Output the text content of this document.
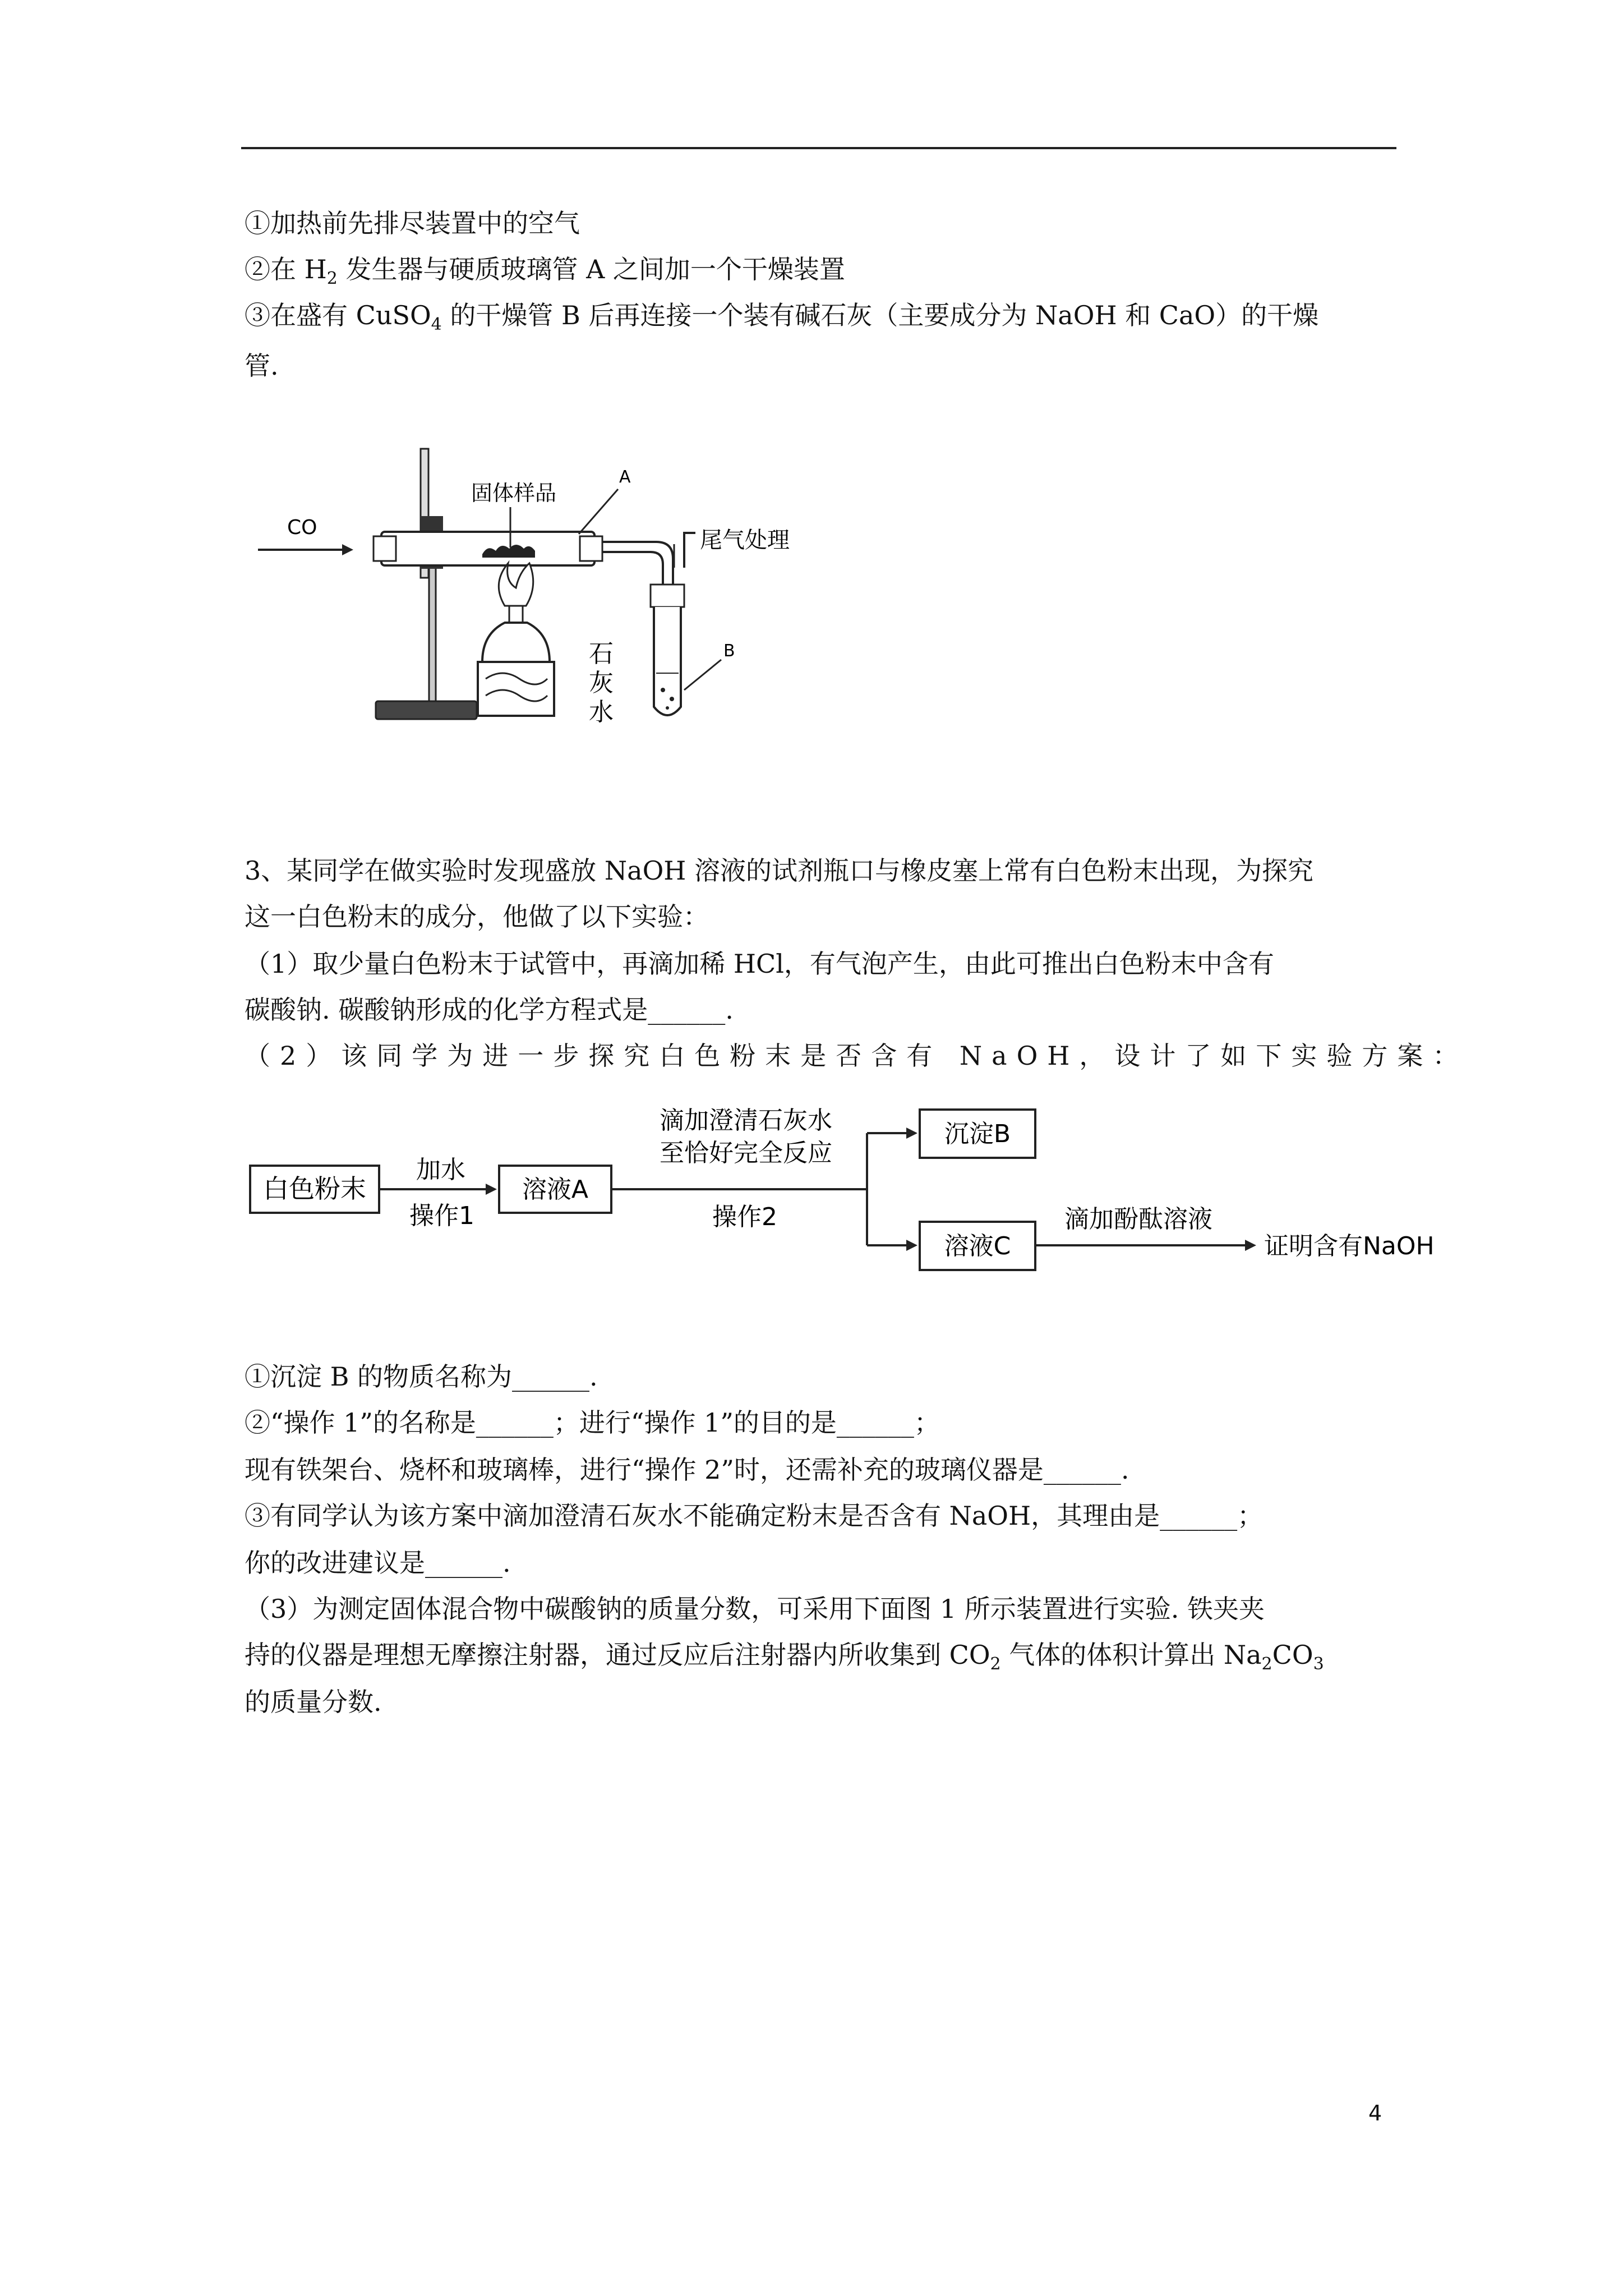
①加热前先排尽装置中的空气
②在 $H_2$ 发生器与硬质玻璃管 A 之间加一个干燥装置
③在盛有 CuSO$_4$ 的干燥管 B 后再连接一个装有碱石灰（主要成分为 NaOH 和 CaO）的干燥
管.
CO
固体样品
A
尾气处理
石
灰
水
B
3、某同学在做实验时发现盛放 NaOH 溶液的试剂瓶口与橡皮塞上常有白色粉末出现，为探究
这一白色粉末的成分，他做了以下实验：
（1）取少量白色粉末于试管中，再滴加稀 HCl，有气泡产生，由此可推出白色粉末中含有
碳酸钠. 碳酸钠形成的化学方程式是______.
（2）该同学为进一步探究白色粉末是否含有 NaOH，设计了如下实验方案：
白色粉末
加水
操作1
溶液A
滴加澄清石灰水
至恰好完全反应
操作2
沉淀B
溶液C
滴加酚酞溶液
证明含有NaOH
①沉淀 B 的物质名称为______.
②“操作 1”的名称是______；进行“操作 1”的目的是______；
现有铁架台、烧杯和玻璃棒，进行“操作 2”时，还需补充的玻璃仪器是______.
③有同学认为该方案中滴加澄清石灰水不能确定粉末是否含有 NaOH，其理由是______；
你的改进建议是______.
（3）为测定固体混合物中碳酸钠的质量分数，可采用下面图 1 所示装置进行实验. 铁夹夹
持的仪器是理想无摩擦注射器，通过反应后注射器内所收集到 $CO_2$ 气体的体积计算出 $Na_2CO_3$
的质量分数.
4
